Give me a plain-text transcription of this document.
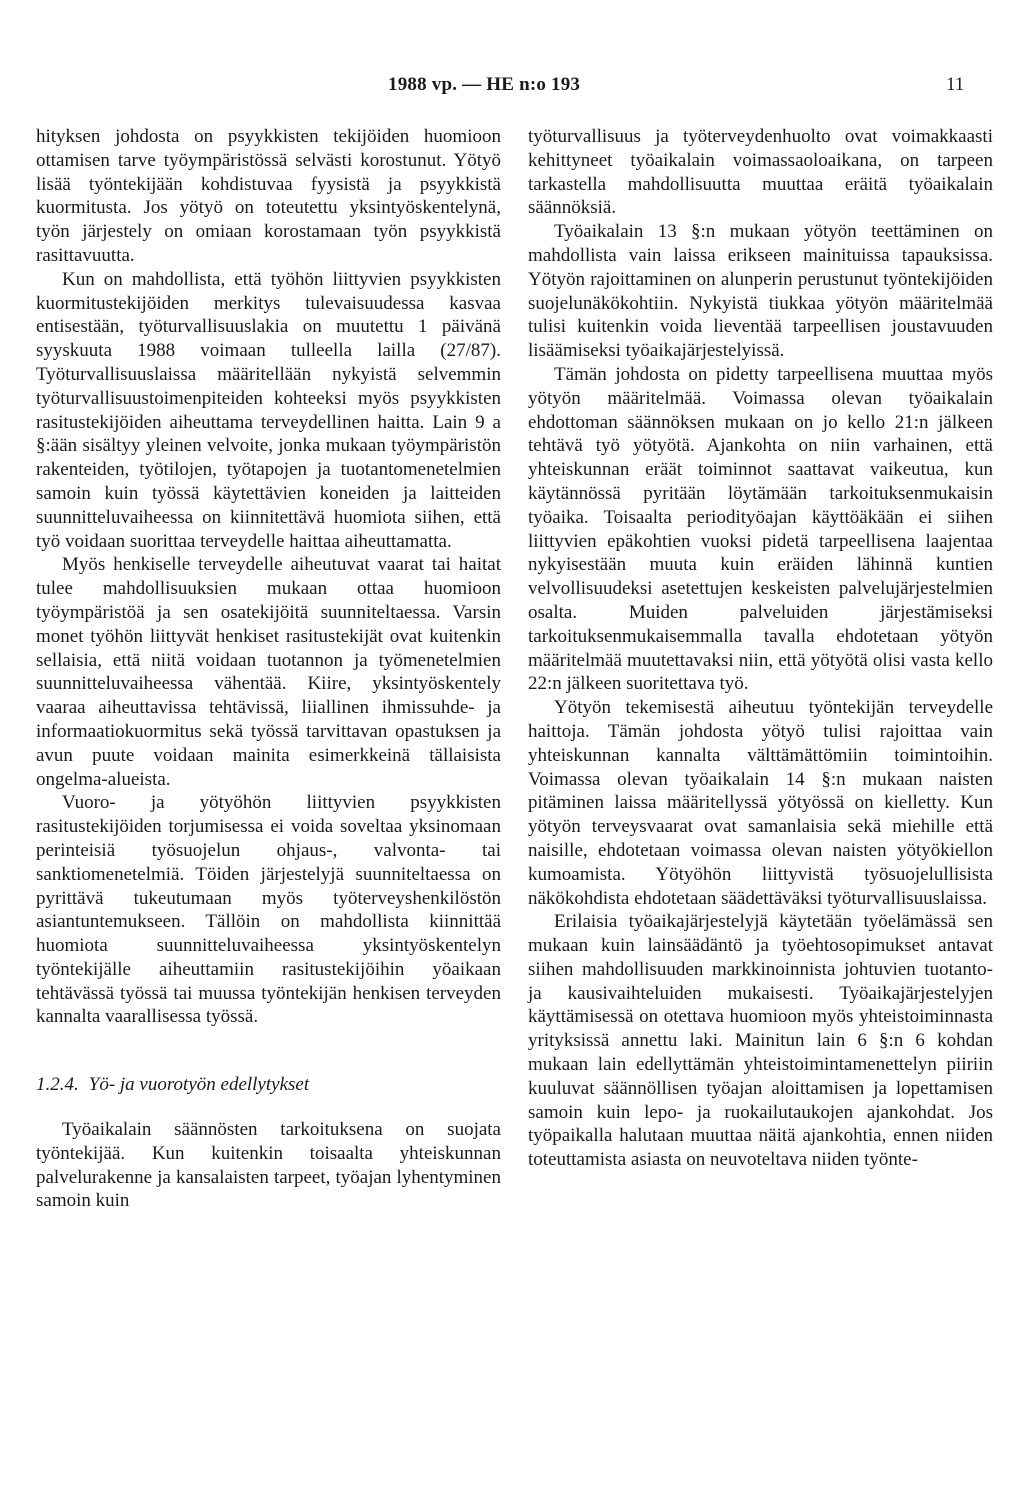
1988 vp. — HE n:o 193	11

hityksen johdosta on psyykkisten tekijöiden huomioon ottamisen tarve työympäristössä selvästi korostunut. Yötyö lisää työntekijään kohdistuvaa fyysistä ja psyykkistä kuormitusta. Jos yötyö on toteutettu yksintyöskentelynä, työn järjestely on omiaan korostamaan työn psyykkistä rasittavuutta.

Kun on mahdollista, että työhön liittyvien psyykkisten kuormitustekijöiden merkitys tulevaisuudessa kasvaa entisestään, työturvallisuuslakia on muutettu 1 päivänä syyskuuta 1988 voimaan tulleella lailla (27/87). Työturvallisuuslaissa määritellään nykyistä selvemmin työturvallisuustoimenpiteiden kohteeksi myös psyykkisten rasitustekijöiden aiheuttama terveydellinen haitta. Lain 9 a §:ään sisältyy yleinen velvoite, jonka mukaan työympäristön rakenteiden, työtilojen, työtapojen ja tuotantomenetelmien samoin kuin työssä käytettävien koneiden ja laitteiden suunnitteluvaiheessa on kiinnitettävä huomiota siihen, että työ voidaan suorittaa terveydelle haittaa aiheuttamatta.

Myös henkiselle terveydelle aiheutuvat vaarat tai haitat tulee mahdollisuuksien mukaan ottaa huomioon työympäristöä ja sen osatekijöitä suunniteltaessa. Varsin monet työhön liittyvät henkiset rasitustekijät ovat kuitenkin sellaisia, että niitä voidaan tuotannon ja työmenetelmien suunnitteluvaiheessa vähentää. Kiire, yksintyöskentely vaaraa aiheuttavissa tehtävissä, liiallinen ihmissuhde- ja informaatiokuormitus sekä työssä tarvittavan opastuksen ja avun puute voidaan mainita esimerkkeinä tällaisista ongelma-alueista.

Vuoro- ja yötyöhön liittyvien psyykkisten rasitustekijöiden torjumisessa ei voida soveltaa yksinomaan perinteisiä työsuojelun ohjaus-, valvonta- tai sanktiomenetelmiä. Töiden järjestelyjä suunniteltaessa on pyrittävä tukeutumaan myös työterveyshenkilöstön asiantuntemukseen. Tällöin on mahdollista kiinnittää huomiota suunnitteluvaiheessa yksintyöskentelyn työntekijälle aiheuttamiin rasitustekijöihin yöaikaan tehtävässä työssä tai muussa työntekijän henkisen terveyden kannalta vaarallisessa työssä.

1.2.4. Yö- ja vuorotyön edellytykset

Työaikalain säännösten tarkoituksena on suojata työntekijää. Kun kuitenkin toisaalta yhteiskunnan palvelurakenne ja kansalaisten tarpeet, työajan lyhentyminen samoin kuin

työturvallisuus ja työterveydenhuolto ovat voimakkaasti kehittyneet työaikalain voimassaoloaikana, on tarpeen tarkastella mahdollisuutta muuttaa eräitä työaikalain säännöksiä.

Työaikalain 13 §:n mukaan yötyön teettäminen on mahdollista vain laissa erikseen mainituissa tapauksissa. Yötyön rajoittaminen on alunperin perustunut työntekijöiden suojelunäkökohtiin. Nykyistä tiukkaa yötyön määritelmää tulisi kuitenkin voida lieventää tarpeellisen joustavuuden lisäämiseksi työaikajärjestelyissä.

Tämän johdosta on pidetty tarpeellisena muuttaa myös yötyön määritelmää. Voimassa olevan työaikalain ehdottoman säännöksen mukaan on jo kello 21:n jälkeen tehtävä työ yötyötä. Ajankohta on niin varhainen, että yhteiskunnan eräät toiminnot saattavat vaikeutua, kun käytännössä pyritään löytämään tarkoituksenmukaisin työaika. Toisaalta periodityöajan käyttöäkään ei siihen liittyvien epäkohtien vuoksi pidetä tarpeellisena laajentaa nykyisestään muuta kuin eräiden lähinnä kuntien velvollisuudeksi asetettujen keskeisten palvelujärjestelmien osalta. Muiden palveluiden järjestämiseksi tarkoituksenmukaisemmalla tavalla ehdotetaan yötyön määritelmää muutettavaksi niin, että yötyötä olisi vasta kello 22:n jälkeen suoritettava työ.

Yötyön tekemisestä aiheutuu työntekijän terveydelle haittoja. Tämän johdosta yötyö tulisi rajoittaa vain yhteiskunnan kannalta välttämättömiin toimintoihin. Voimassa olevan työaikalain 14 §:n mukaan naisten pitäminen laissa määritellyssä yötyössä on kielletty. Kun yötyön terveysvaarat ovat samanlaisia sekä miehille että naisille, ehdotetaan voimassa olevan naisten yötyökiellon kumoamista. Yötyöhön liittyvistä työsuojelullisista näkökohdista ehdotetaan säädettäväksi työturvallisuuslaissa.

Erilaisia työaikajärjestelyjä käytetään työelämässä sen mukaan kuin lainsäädäntö ja työehtosopimukset antavat siihen mahdollisuuden markkinoinnista johtuvien tuotanto- ja kausivaihteluiden mukaisesti. Työaikajärjestelyjen käyttämisessä on otettava huomioon myös yhteistoiminnasta yrityksissä annettu laki. Mainitun lain 6 §:n 6 kohdan mukaan lain edellyttämän yhteistoimintamenettelyn piiriin kuuluvat säännöllisen työajan aloittamisen ja lopettamisen samoin kuin lepo- ja ruokailutaukojen ajankohdat. Jos työpaikalla halutaan muuttaa näitä ajankohtia, ennen niiden toteuttamista asiasta on neuvoteltava niiden työnte-
